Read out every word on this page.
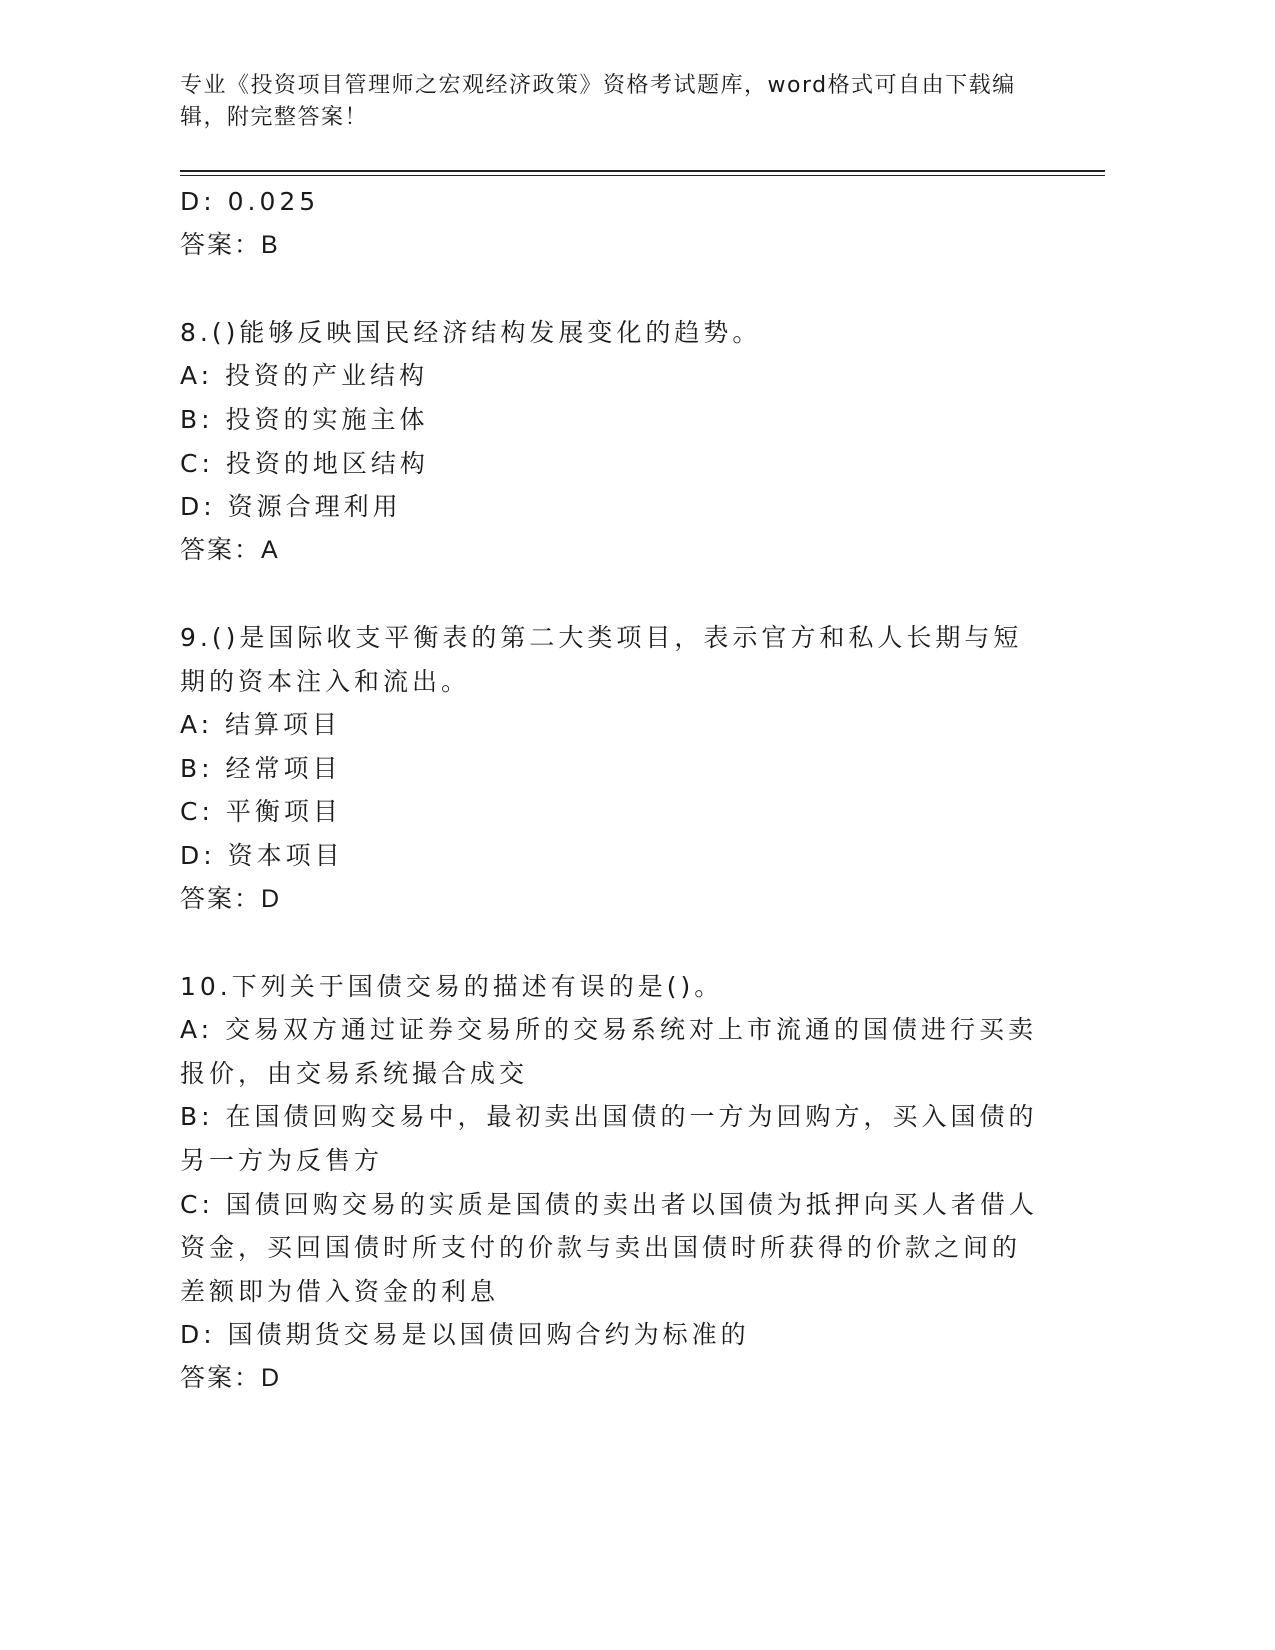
专业《投资项目管理师之宏观经济政策》资格考试题库，word格式可自由下载编辑，附完整答案！
D: 0.025
答案：B
8.()能够反映国民经济结构发展变化的趋势。
A: 投资的产业结构
B: 投资的实施主体
C: 投资的地区结构
D: 资源合理利用
答案：A
9.()是国际收支平衡表的第二大类项目，表示官方和私人长期与短期的资本注入和流出。
A: 结算项目
B: 经常项目
C: 平衡项目
D: 资本项目
答案：D
10.下列关于国债交易的描述有误的是()。
A: 交易双方通过证券交易所的交易系统对上市流通的国债进行买卖报价，由交易系统撮合成交
B: 在国债回购交易中，最初卖出国债的一方为回购方，买入国债的另一方为反售方
C: 国债回购交易的实质是国债的卖出者以国债为抵押向买人者借人资金，买回国债时所支付的价款与卖出国债时所获得的价款之间的差额即为借入资金的利息
D: 国债期货交易是以国债回购合约为标准的
答案：D
